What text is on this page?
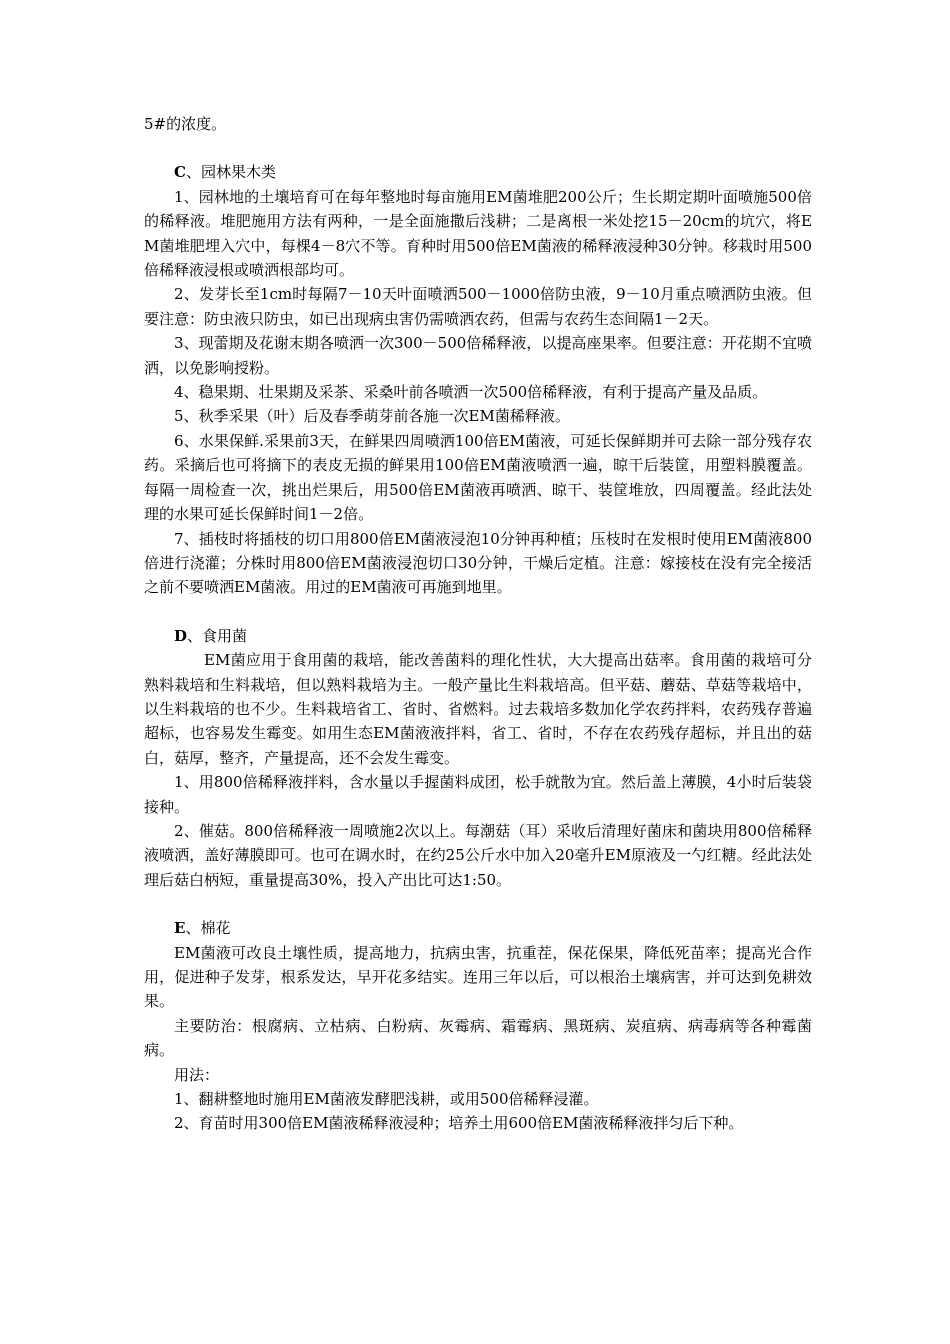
5#的浓度。

C、园林果木类

1、园林地的土壤培育可在每年整地时每亩施用EM菌堆肥200公斤；生长期定期叶面喷施500倍的稀释液。堆肥施用方法有两种，一是全面施撒后浅耕；二是离根一米处挖15－20cm的坑穴，将EM菌堆肥埋入穴中，每棵4－8穴不等。育种时用500倍EM菌液的稀释液浸种30分钟。移栽时用500倍稀释液浸根或喷洒根部均可。

2、发芽长至1cm时每隔7－10天叶面喷洒500－1000倍防虫液，9－10月重点喷洒防虫液。但要注意：防虫液只防虫，如已出现病虫害仍需喷洒农药，但需与农药生态间隔1－2天。

3、现蕾期及花谢末期各喷洒一次300－500倍稀释液，以提高座果率。但要注意：开花期不宜喷洒，以免影响授粉。

4、稳果期、壮果期及采茶、采桑叶前各喷洒一次500倍稀释液，有利于提高产量及品质。

5、秋季采果（叶）后及春季萌芽前各施一次EM菌稀释液。

6、水果保鲜.采果前3天，在鲜果四周喷洒100倍EM菌液，可延长保鲜期并可去除一部分残存农药。采摘后也可将摘下的表皮无损的鲜果用100倍EM菌液喷洒一遍，晾干后装筐，用塑料膜覆盖。每隔一周检查一次，挑出烂果后，用500倍EM菌液再喷洒、晾干、装筐堆放，四周覆盖。经此法处理的水果可延长保鲜时间1－2倍。

7、插枝时将插枝的切口用800倍EM菌液浸泡10分钟再种植；压枝时在发根时使用EM菌液800倍进行浇灌；分株时用800倍EM菌液浸泡切口30分钟，干燥后定植。注意：嫁接枝在没有完全接活之前不要喷洒EM菌液。用过的EM菌液可再施到地里。

D、食用菌

EM菌应用于食用菌的栽培，能改善菌料的理化性状，大大提高出菇率。食用菌的栽培可分熟料栽培和生料栽培，但以熟料栽培为主。一般产量比生料栽培高。但平菇、蘑菇、草菇等栽培中，以生料栽培的也不少。生料栽培省工、省时、省燃料。过去栽培多数加化学农药拌料，农药残存普遍超标，也容易发生霉变。如用生态EM菌液液拌料，省工、省时，不存在农药残存超标，并且出的菇白，菇厚，整齐，产量提高，还不会发生霉变。

1、用800倍稀释液拌料，含水量以手握菌料成团，松手就散为宜。然后盖上薄膜，4小时后装袋接种。

2、催菇。800倍稀释液一周喷施2次以上。每潮菇（耳）采收后清理好菌床和菌块用800倍稀释液喷洒，盖好薄膜即可。也可在调水时，在约25公斤水中加入20毫升EM原液及一勺红糖。经此法处理后菇白柄短，重量提高30%，投入产出比可达1:50。

E、棉花

EM菌液可改良土壤性质，提高地力，抗病虫害，抗重茬，保花保果，降低死苗率；提高光合作用，促进种子发芽，根系发达，早开花多结实。连用三年以后，可以根治土壤病害，并可达到免耕效果。

主要防治：根腐病、立枯病、白粉病、灰霉病、霜霉病、黑斑病、炭疽病、病毒病等各种霉菌病。

用法：

1、翻耕整地时施用EM菌液发酵肥浅耕，或用500倍稀释浸灌。

2、育苗时用300倍EM菌液稀释液浸种；培养土用600倍EM菌液稀释液拌匀后下种。
